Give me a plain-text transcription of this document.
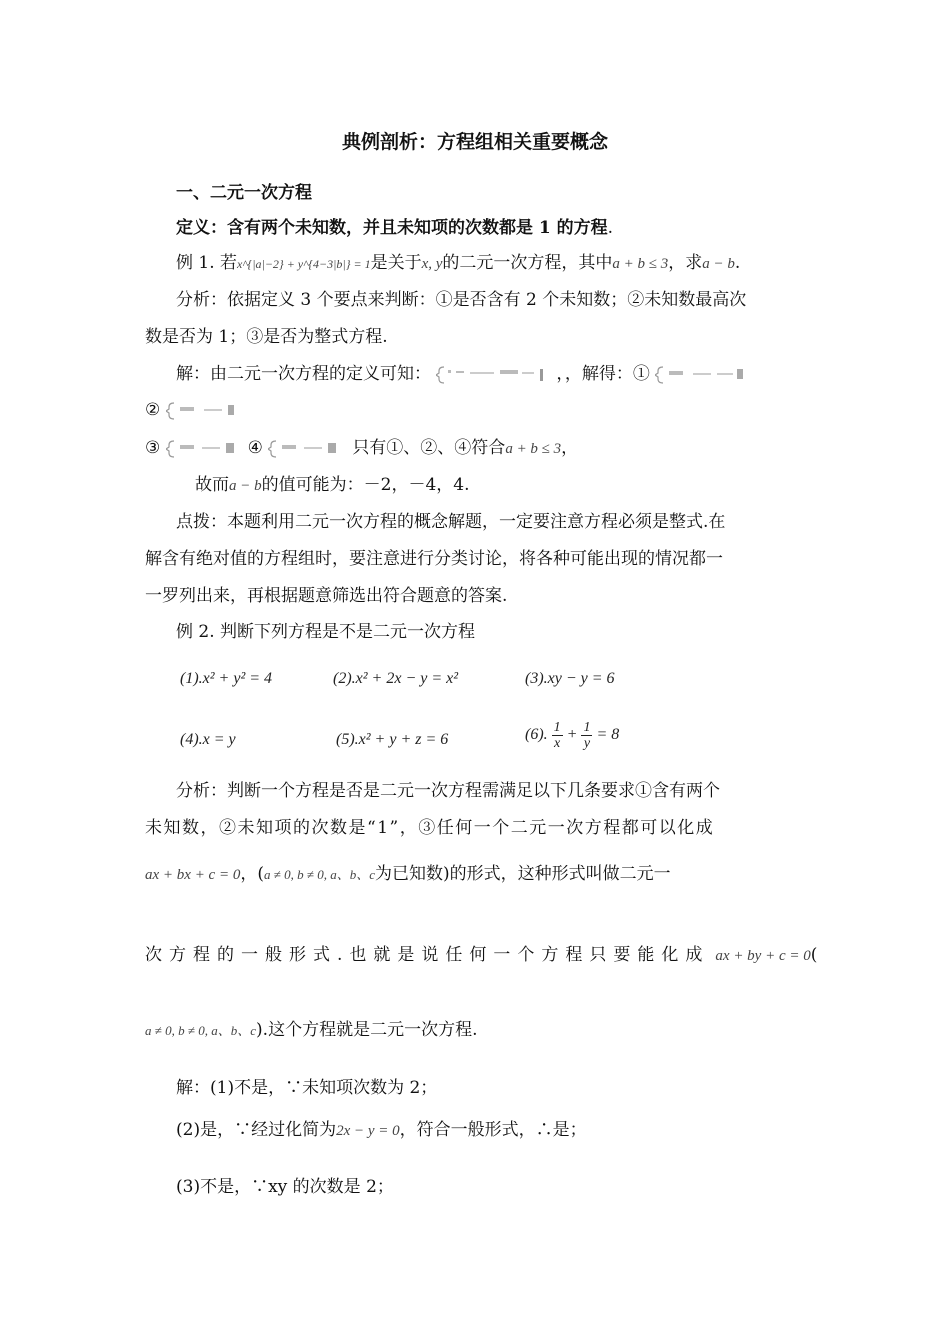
典例剖析：方程组相关重要概念
一、二元一次方程
定义：含有两个未知数，并且未知项的次数都是 1 的方程.
例 1. 若x^{|a|−2} + y^{4−3|b|} = 1是关于x, y的二元一次方程，其中a + b ≤ 3，求a − b.
分析：依据定义 3 个要点来判断：①是否含有 2 个未知数；②未知数最高次
数是否为 1；③是否为整式方程.
解：由二元一次方程的定义可知：	，，解得：①
②
③	④	只有①、②、④符合a + b ≤ 3，
故而a − b的值可能为：－2，－4，4.
点拨：本题利用二元一次方程的概念解题，一定要注意方程必须是整式.在
解含有绝对值的方程组时，要注意进行分类讨论，将各种可能出现的情况都一
一罗列出来，再根据题意筛选出符合题意的答案.
例 2. 判断下列方程是不是二元一次方程
(1).x² + y² = 4	(2).x² + 2x − y = x²	(3).xy − y = 6
(4).x = y	(5).x² + y + z = 6	(6). $\frac{1}{x} + \frac{1}{y} = 8$
分析：判断一个方程是否是二元一次方程需满足以下几条要求①含有两个
未知数，②未知项的次数是“1”，③任何一个二元一次方程都可以化成
ax + bx + c = 0，(a ≠ 0, b ≠ 0, a、b、c为已知数)的形式，这种形式叫做二元一
次方程的一般形式.也就是说任何一个方程只要能化成 ax + by + c = 0(
a ≠ 0, b ≠ 0, a、b、c).这个方程就是二元一次方程.
解：(1)不是，∵未知项次数为 2；
(2)是，∵经过化简为2x − y = 0，符合一般形式，∴是；
(3)不是，∵xy 的次数是 2；
